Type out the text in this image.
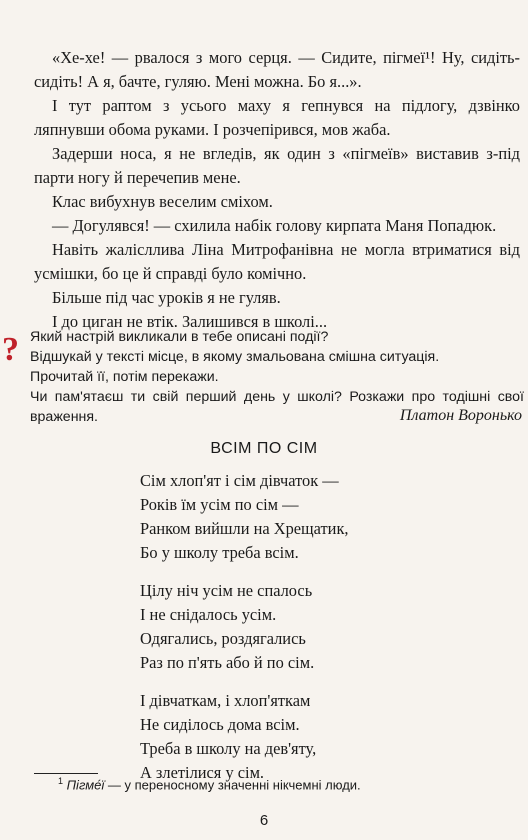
«Хе-хе! — рвалося з мого серця. — Сидите, пігмеї¹! Ну, сидіть-сидіть! А я, бачте, гуляю. Мені можна. Бо я...».

І тут раптом з усього маху я гепнувся на підлогу, дзвінко ляпнувши обома руками. І розчепірився, мов жаба.

Задерши носа, я не вгледів, як один з «пігмеїв» виставив з-під парти ногу й перечепив мене.

Клас вибухнув веселим сміхом.

— Догулявся! — схилила набік голову кирпата Маня Попадюк.

Навіть жалісллива Ліна Митрофанівна не могла втриматися від усмішки, бо це й справді було комічно.

Більше під час уроків я не гуляв.

І до циган не втік. Залишився в школі...

? Який настрій викликали в тебе описані події?

Відшукай у тексті місце, в якому змальована смішна ситуація.

Прочитай її, потім перекажи.

Чи пам'ятаєш ти свій перший день у школі? Розкажи про тодішні свої враження.	Платон Воронько
ВСІМ ПО СІМ
Сім хлоп'ят і сім дівчаток —
Років їм усім по сім —
Ранком вийшли на Хрещатик,
Бо у школу треба всім.
Цілу ніч усім не спалось
І не снідалось усім.
Одягались, роздягались
Раз по п'ять або й по сім.
І дівчаткам, і хлоп'яткам
Не сиділось дома всім.
Треба в школу на дев'яту,
А злетілися у сім.
$^1$ Пігме́ї — у переносному значенні нікчемні люди.
6
